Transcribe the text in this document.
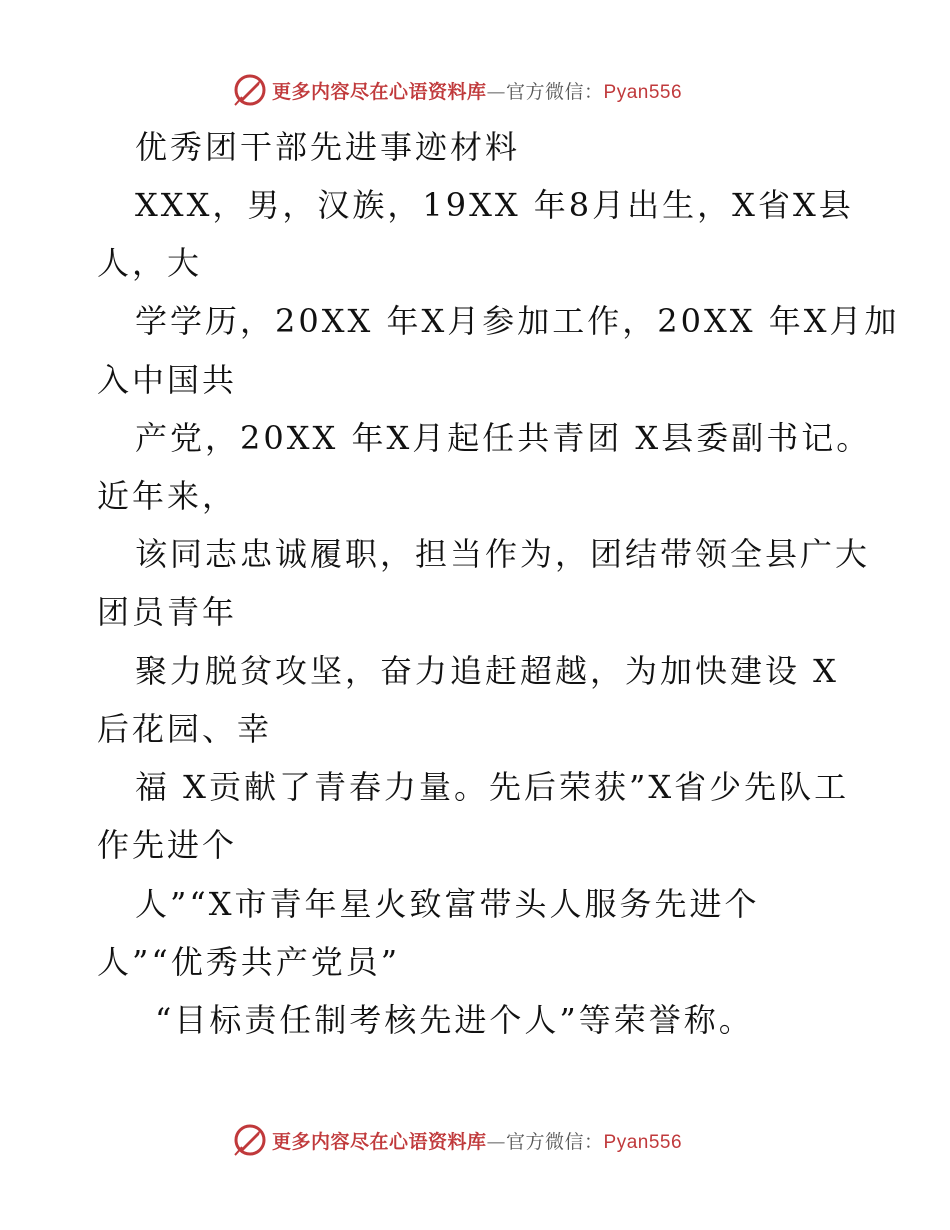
更多内容尽在心语资料库—官方微信：Pyan556
优秀团干部先进事迹材料
XXX，男，汉族，19XX 年8月出生，X省X县
人，大
学学历，20XX 年X月参加工作，20XX 年X月加
入中国共
产党，20XX 年X月起任共青团 X县委副书记。
近年来，
该同志忠诚履职，担当作为，团结带领全县广大
团员青年
聚力脱贫攻坚，奋力追赶超越，为加快建设 X
后花园、幸
福 X贡献了青春力量。先后荣获”X省少先队工
作先进个
人”“X市青年星火致富带头人服务先进个
人”“优秀共产党员”
“目标责任制考核先进个人”等荣誉称。
更多内容尽在心语资料库—官方微信：Pyan556
